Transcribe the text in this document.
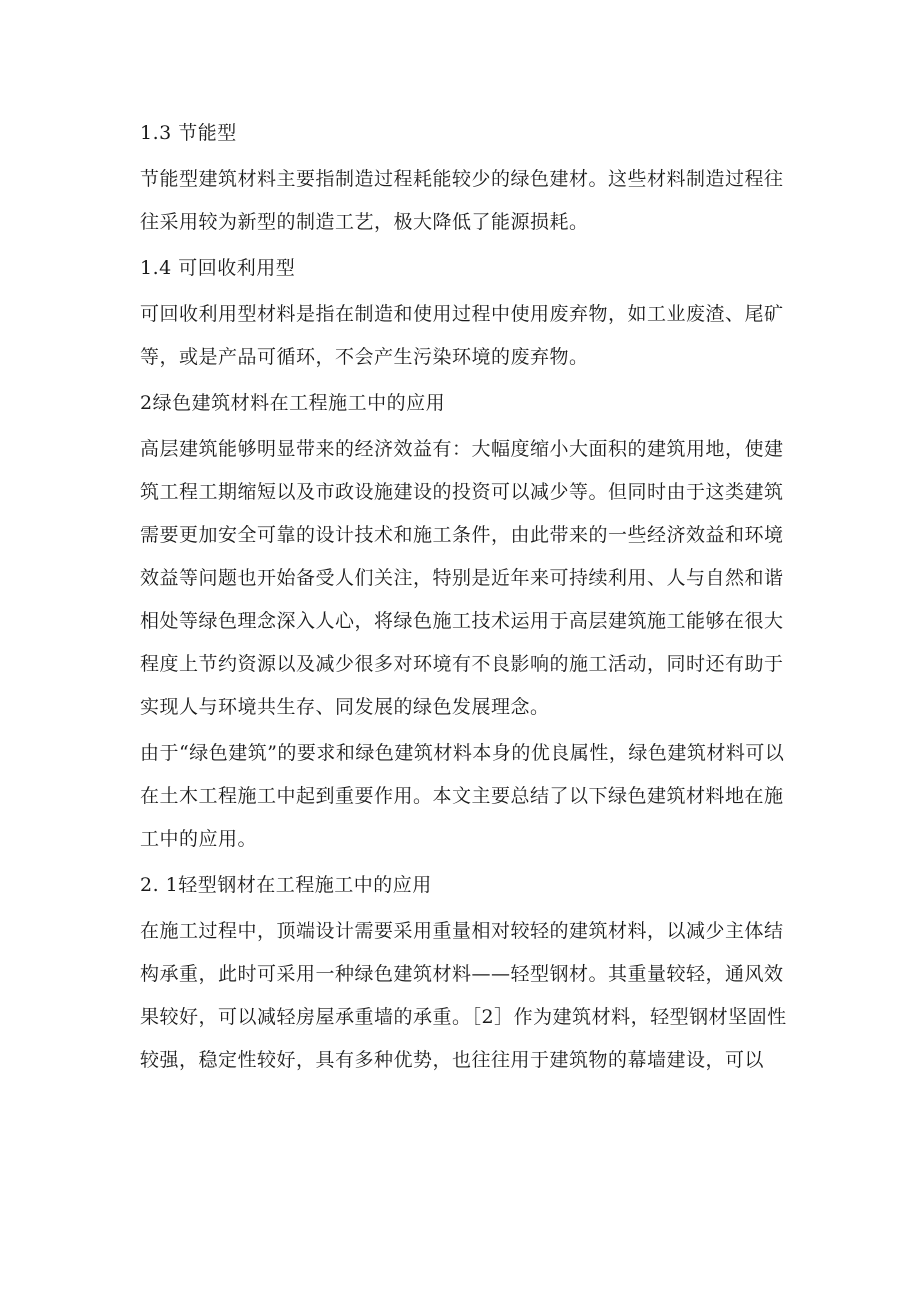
1.3 节能型

节能型建筑材料主要指制造过程耗能较少的绿色建材。这些材料制造过程往往采用较为新型的制造工艺，极大降低了能源损耗。

1.4 可回收利用型

可回收利用型材料是指在制造和使用过程中使用废弃物，如工业废渣、尾矿等，或是产品可循环，不会产生污染环境的废弃物。

2绿色建筑材料在工程施工中的应用

高层建筑能够明显带来的经济效益有：大幅度缩小大面积的建筑用地，使建筑工程工期缩短以及市政设施建设的投资可以减少等。但同时由于这类建筑需要更加安全可靠的设计技术和施工条件，由此带来的一些经济效益和环境效益等问题也开始备受人们关注，特别是近年来可持续利用、人与自然和谐相处等绿色理念深入人心，将绿色施工技术运用于高层建筑施工能够在很大程度上节约资源以及减少很多对环境有不良影响的施工活动，同时还有助于实现人与环境共生存、同发展的绿色发展理念。

由于“绿色建筑”的要求和绿色建筑材料本身的优良属性，绿色建筑材料可以在土木工程施工中起到重要作用。本文主要总结了以下绿色建筑材料地在施工中的应用。

2. 1轻型钢材在工程施工中的应用

在施工过程中，顶端设计需要采用重量相对较轻的建筑材料，以减少主体结构承重，此时可采用一种绿色建筑材料——轻型钢材。其重量较轻，通风效果较好，可以减轻房屋承重墙的承重。［2］作为建筑材料，轻型钢材坚固性较强，稳定性较好，具有多种优势，也往往用于建筑物的幕墙建设，可以
